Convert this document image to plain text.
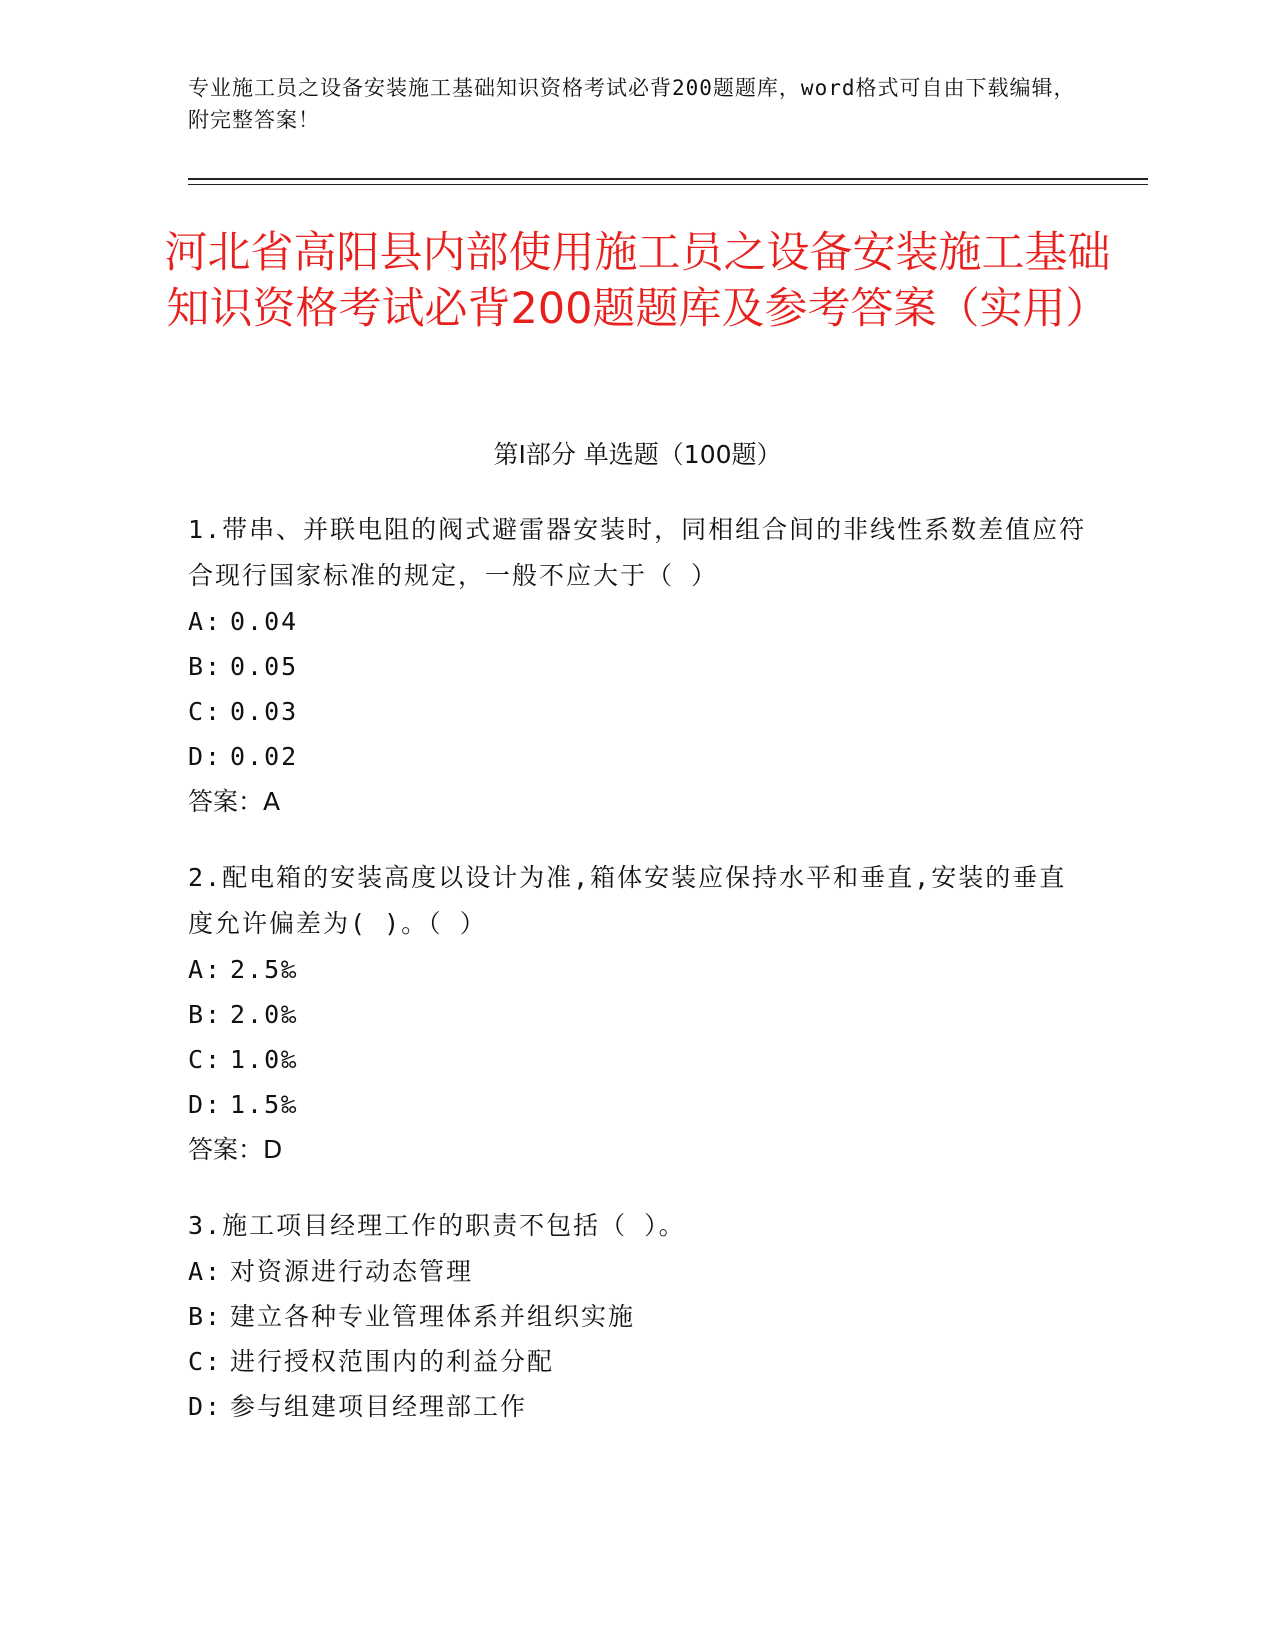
专业施工员之设备安装施工基础知识资格考试必背200题题库，word格式可自由下载编辑，附完整答案！
河北省高阳县内部使用施工员之设备安装施工基础知识资格考试必背200题题库及参考答案（实用）
第I部分 单选题（100题）

1.带串、并联电阻的阀式避雷器安装时，同相组合间的非线性系数差值应符合现行国家标准的规定，一般不应大于（ ）

A: 0.04

B: 0.05

C: 0.03

D: 0.02

答案：A

2.配电箱的安装高度以设计为准,箱体安装应保持水平和垂直,安装的垂直度允许偏差为( )。（ ）

A: 2.5‰

B: 2.0‰

C: 1.0‰

D: 1.5‰

答案：D

3.施工项目经理工作的职责不包括（ ）。

A: 对资源进行动态管理

B: 建立各种专业管理体系并组织实施

C: 进行授权范围内的利益分配

D: 参与组建项目经理部工作
